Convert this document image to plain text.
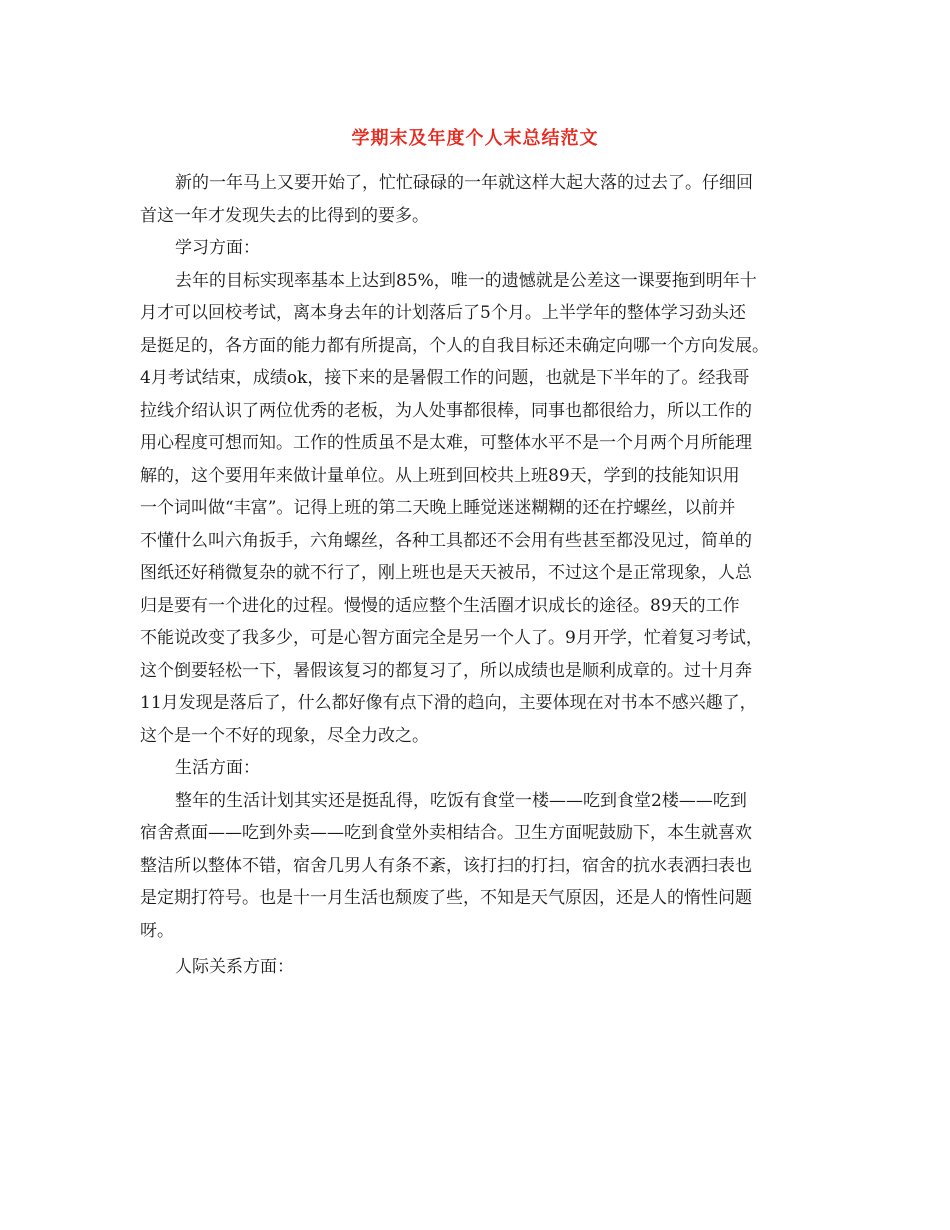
学期末及年度个人末总结范文

新的一年马上又要开始了，忙忙碌碌的一年就这样大起大落的过去了。仔细回

首这一年才发现失去的比得到的要多。

学习方面：

去年的目标实现率基本上达到85%，唯一的遗憾就是公差这一课要拖到明年十

月才可以回校考试，离本身去年的计划落后了5个月。上半学年的整体学习劲头还

是挺足的，各方面的能力都有所提高，个人的自我目标还未确定向哪一个方向发展。

4月考试结束，成绩ok，接下来的是暑假工作的问题，也就是下半年的了。经我哥

拉线介绍认识了两位优秀的老板，为人处事都很棒，同事也都很给力，所以工作的

用心程度可想而知。工作的性质虽不是太难，可整体水平不是一个月两个月所能理

解的，这个要用年来做计量单位。从上班到回校共上班89天，学到的技能知识用

一个词叫做“丰富”。记得上班的第二天晚上睡觉迷迷糊糊的还在拧螺丝，以前并

不懂什么叫六角扳手，六角螺丝，各种工具都还不会用有些甚至都没见过，简单的

图纸还好稍微复杂的就不行了，刚上班也是天天被吊，不过这个是正常现象，人总

归是要有一个进化的过程。慢慢的适应整个生活圈才识成长的途径。89天的工作

不能说改变了我多少，可是心智方面完全是另一个人了。9月开学，忙着复习考试，

这个倒要轻松一下，暑假该复习的都复习了，所以成绩也是顺利成章的。过十月奔

11月发现是落后了，什么都好像有点下滑的趋向，主要体现在对书本不感兴趣了，

这个是一个不好的现象，尽全力改之。

生活方面：

整年的生活计划其实还是挺乱得，吃饭有食堂一楼——吃到食堂2楼——吃到

宿舍煮面——吃到外卖——吃到食堂外卖相结合。卫生方面呢鼓励下，本生就喜欢

整洁所以整体不错，宿舍几男人有条不紊，该打扫的打扫，宿舍的抗水表洒扫表也

是定期打符号。也是十一月生活也颓废了些，不知是天气原因，还是人的惰性问题

呀。

人际关系方面：
